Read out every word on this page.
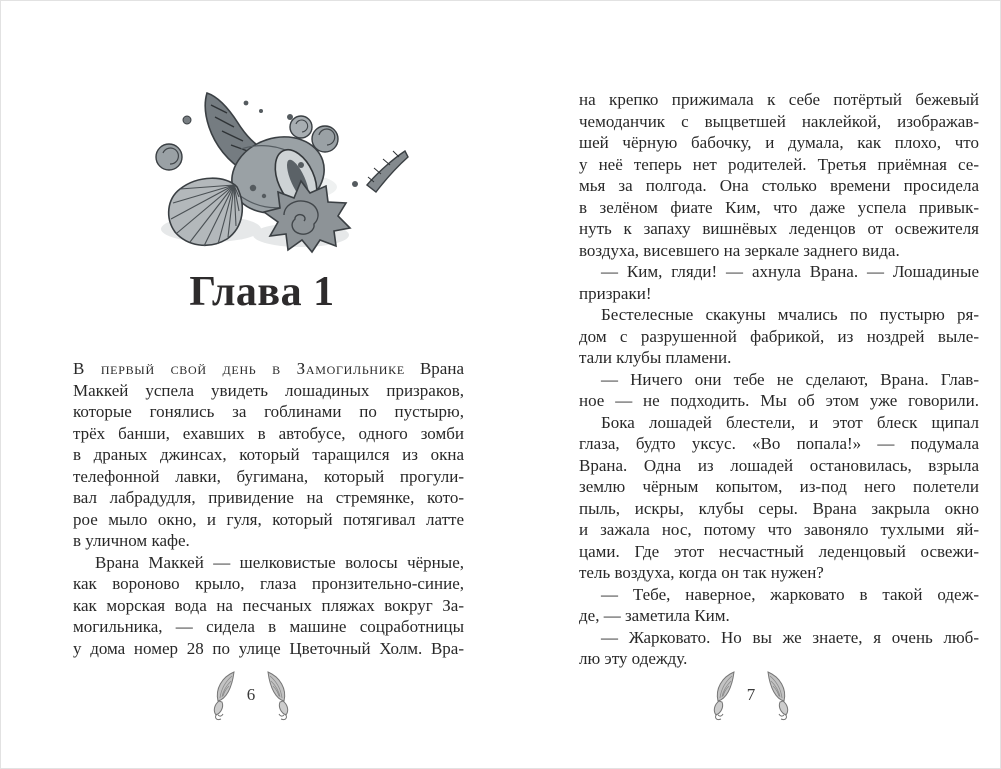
Глава 1
В первый свой день в Замогильнике Врана
Маккей успела увидеть лошадиных призраков,
которые гонялись за гоблинами по пустырю,
трёх банши, ехавших в автобусе, одного зомби
в драных джинсах, который таращился из окна
телефонной лавки, бугимана, который прогули-
вал лабрадудля, привидение на стремянке, кото-
рое мыло окно, и гуля, который потягивал латте
в уличном кафе.
Врана Маккей — шелковистые волосы чёрные,
как вороново крыло, глаза пронзительно-синие,
как морская вода на песчаных пляжах вокруг За-
могильника, — сидела в машине соцработницы
у дома номер 28 по улице Цветочный Холм. Вра-
на крепко прижимала к себе потёртый бежевый
чемоданчик с выцветшей наклейкой, изображав-
шей чёрную бабочку, и думала, как плохо, что
у неё теперь нет родителей. Третья приёмная се-
мья за полгода. Она столько времени просидела
в зелёном фиате Ким, что даже успела привык-
нуть к запаху вишнёвых леденцов от освежителя
воздуха, висевшего на зеркале заднего вида.
— Ким, гляди! — ахнула Врана. — Лошадиные
призраки!
Бестелесные скакуны мчались по пустырю ря-
дом с разрушенной фабрикой, из ноздрей выле-
тали клубы пламени.
— Ничего они тебе не сделают, Врана. Глав-
ное — не подходить. Мы об этом уже говорили.
Бока лошадей блестели, и этот блеск щипал
глаза, будто уксус. «Во попала!» — подумала
Врана. Одна из лошадей остановилась, взрыла
землю чёрным копытом, из-под него полетели
пыль, искры, клубы серы. Врана закрыла окно
и зажала нос, потому что завоняло тухлыми яй-
цами. Где этот несчастный леденцовый освежи-
тель воздуха, когда он так нужен?
— Тебе, наверное, жарковато в такой одеж-
де, — заметила Ким.
— Жарковато. Но вы же знаете, я очень люб-
лю эту одежду.
6	7
